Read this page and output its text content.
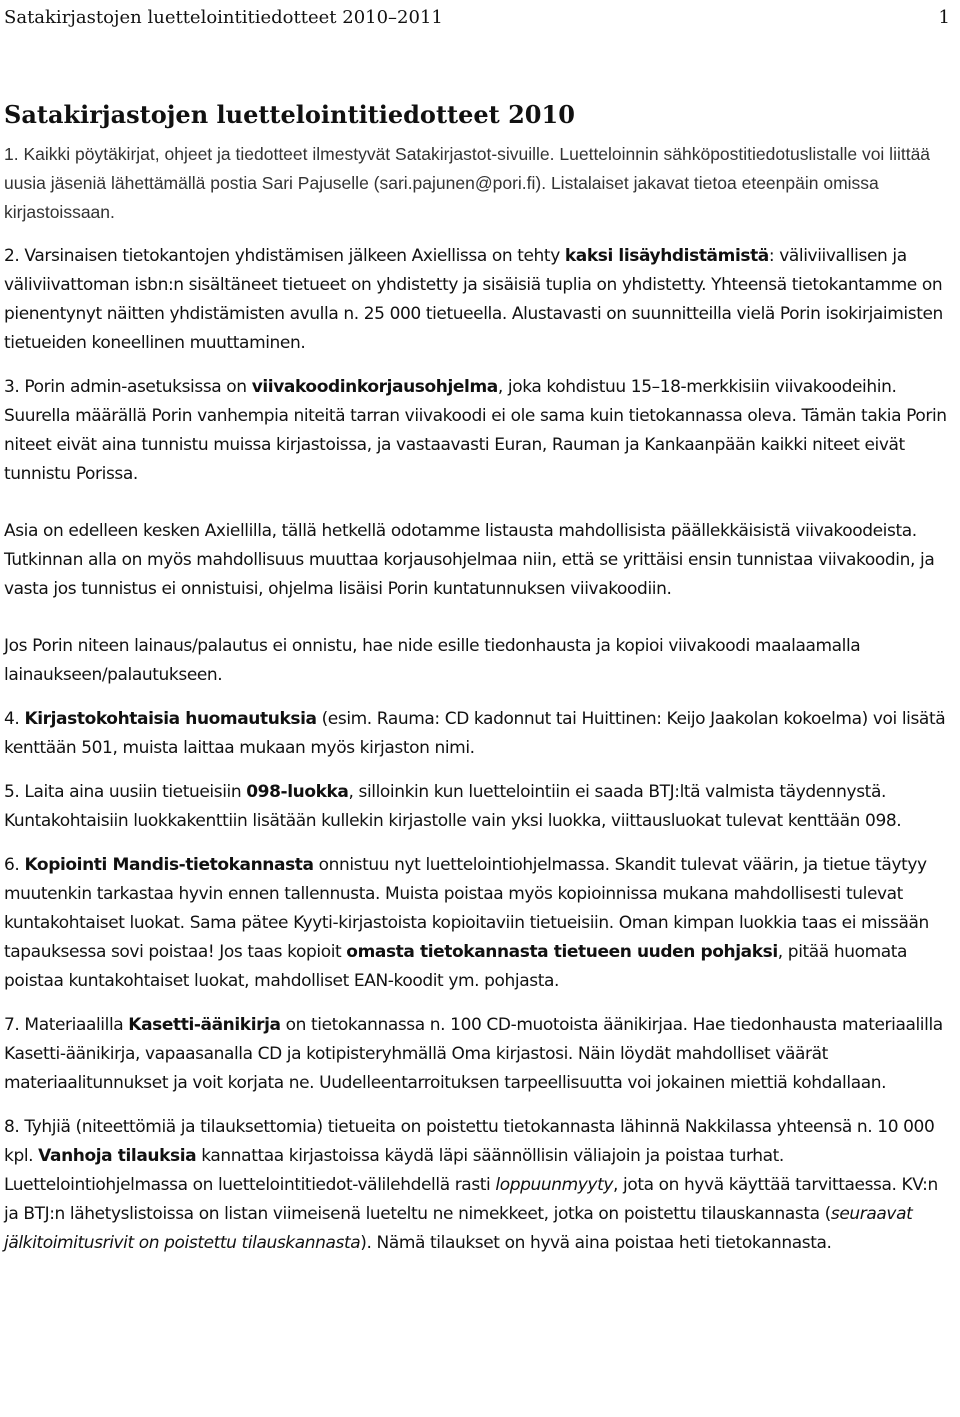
Satakirjastojen luettelointitiedotteet 2010–2011	1
Satakirjastojen luettelointitiedotteet 2010

1. Kaikki pöytäkirjat, ohjeet ja tiedotteet ilmestyvät Satakirjastot-sivuille. Luetteloinnin sähköpostitiedotuslistalle voi liittää uusia jäseniä lähettämällä postia Sari Pajuselle (sari.pajunen@pori.fi). Listalaiset jakavat tietoa eteenpäin omissa kirjastoissaan.

2. Varsinaisen tietokantojen yhdistämisen jälkeen Axiellissa on tehty kaksi lisäyhdistämistä: väliviivallisen ja väliviivattoman isbn:n sisältäneet tietueet on yhdistetty ja sisäisiä tuplia on yhdistetty. Yhteensä tietokantamme on pienentynyt näitten yhdistämisten avulla n. 25 000 tietueella. Alustavasti on suunnitteilla vielä Porin isokirjaimisten tietueiden koneellinen muuttaminen.

3. Porin admin-asetuksissa on viivakoodinkorjausohjelma, joka kohdistuu 15–18-merkkisiin viivakoodeihin. Suurella määrällä Porin vanhempia niteitä tarran viivakoodi ei ole sama kuin tietokannassa oleva. Tämän takia Porin niteet eivät aina tunnistu muissa kirjastoissa, ja vastaavasti Euran, Rauman ja Kankaanpään kaikki niteet eivät tunnistu Porissa.

Asia on edelleen kesken Axiellilla, tällä hetkellä odotamme listausta mahdollisista päällekkäisistä viivakoodeista. Tutkinnan alla on myös mahdollisuus muuttaa korjausohjelmaa niin, että se yrittäisi ensin tunnistaa viivakoodin, ja vasta jos tunnistus ei onnistuisi, ohjelma lisäisi Porin kuntatunnuksen viivakoodiin.

Jos Porin niteen lainaus/palautus ei onnistu, hae nide esille tiedonhausta ja kopioi viivakoodi maalaamalla lainaukseen/palautukseen.

4. Kirjastokohtaisia huomautuksia (esim. Rauma: CD kadonnut tai Huittinen: Keijo Jaakolan kokoelma) voi lisätä kenttään 501, muista laittaa mukaan myös kirjaston nimi.

5. Laita aina uusiin tietueisiin 098-luokka, silloinkin kun luettelointiin ei saada BTJ:ltä valmista täydennystä. Kuntakohtaisiin luokkakenttiin lisätään kullekin kirjastolle vain yksi luokka, viittausluokat tulevat kenttään 098.

6. Kopiointi Mandis-tietokannasta onnistuu nyt luettelointiohjelmassa. Skandit tulevat väärin, ja tietue täytyy muutenkin tarkastaa hyvin ennen tallennusta. Muista poistaa myös kopioinnissa mukana mahdollisesti tulevat kuntakohtaiset luokat. Sama pätee Kyyti-kirjastoista kopioitaviin tietueisiin. Oman kimpan luokkia taas ei missään tapauksessa sovi poistaa! Jos taas kopioit omasta tietokannasta tietueen uuden pohjaksi, pitää huomata poistaa kuntakohtaiset luokat, mahdolliset EAN-koodit ym. pohjasta.

7. Materiaalilla Kasetti-äänikirja on tietokannassa n. 100 CD-muotoista äänikirjaa. Hae tiedonhausta materiaalilla Kasetti-äänikirja, vapaasanalla CD ja kotipisteryhmällä Oma kirjastosi. Näin löydät mahdolliset väärät materiaalitunnukset ja voit korjata ne. Uudelleentarroituksen tarpeellisuutta voi jokainen miettiä kohdallaan.

8. Tyhjiä (niteettömiä ja tilauksettomia) tietueita on poistettu tietokannasta lähinnä Nakkilassa yhteensä n. 10 000 kpl. Vanhoja tilauksia kannattaa kirjastoissa käydä läpi säännöllisin väliajoin ja poistaa turhat. Luettelointiohjelmassa on luettelointitiedot-välilehdellä rasti loppuunmyyty, jota on hyvä käyttää tarvittaessa. KV:n ja BTJ:n lähetyslistoissa on listan viimeisenä lueteltu ne nimekkeet, jotka on poistettu tilauskannasta (seuraavat jälkitoimitusrivit on poistettu tilauskannasta). Nämä tilaukset on hyvä aina poistaa heti tietokannasta.
